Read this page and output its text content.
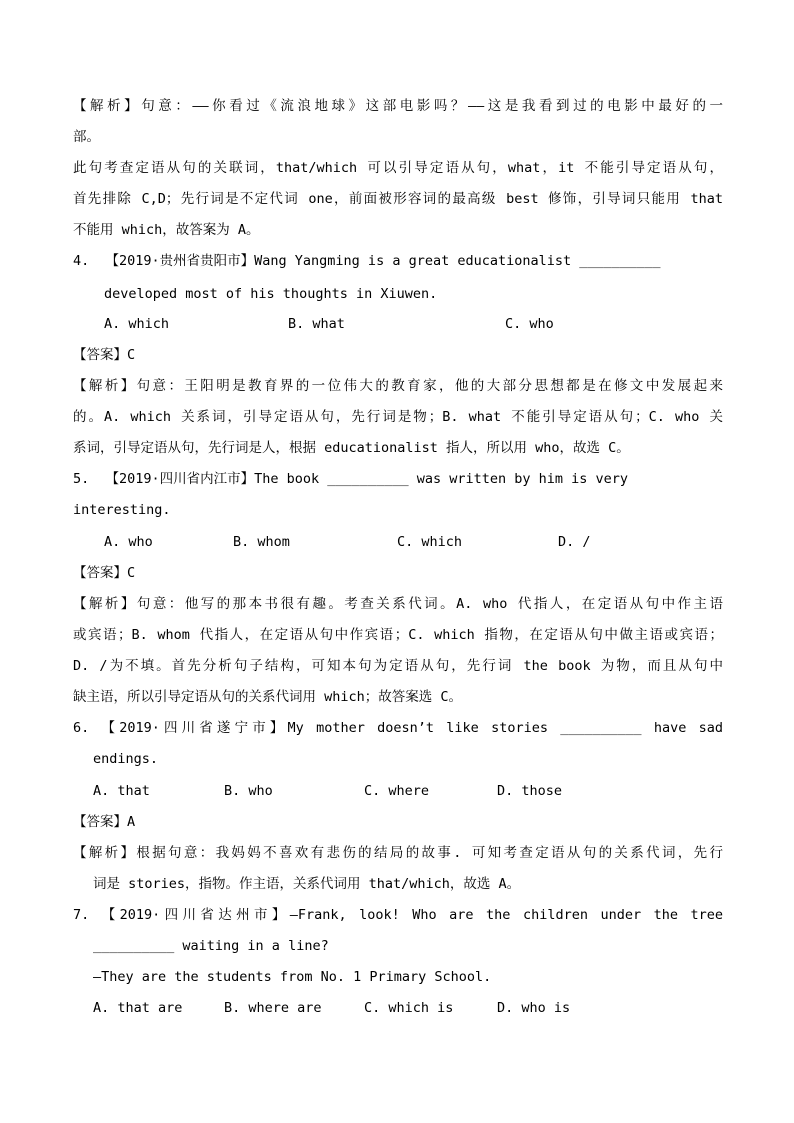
【解析】句意：——你看过《流浪地球》这部电影吗？——这是我看到过的电影中最好的一
部。
此句考查定语从句的关联词，that/which 可以引导定语从句，what，it 不能引导定语从句，
首先排除 C,D；先行词是不定代词 one，前面被形容词的最高级 best 修饰，引导词只能用 that
不能用 which，故答案为 A。
4.  【2019·贵州省贵阳市】Wang Yangming is a great educationalist __________
developed most of his thoughts in Xiuwen.
A. which	B. what	C. who
【答案】C
【解析】句意：王阳明是教育界的一位伟大的教育家，他的大部分思想都是在修文中发展起来
的。A. which 关系词，引导定语从句，先行词是物；B. what 不能引导定语从句；C. who 关
系词，引导定语从句，先行词是人，根据 educationalist 指人，所以用 who，故选 C。
5.  【2019·四川省内江市】The book __________ was written by him is very
interesting.
A. who	B. whom	C. which	D. /
【答案】C
【解析】句意：他写的那本书很有趣。考查关系代词。A. who 代指人，在定语从句中作主语
或宾语；B. whom 代指人，在定语从句中作宾语；C. which 指物，在定语从句中做主语或宾语；
D. /为不填。首先分析句子结构，可知本句为定语从句，先行词 the book 为物，而且从句中
缺主语，所以引导定语从句的关系代词用 which；故答案选 C。
6. 【2019·四川省遂宁市】My mother doesn’t like stories __________ have sad
endings.
A. that	B. who	C. where	D. those
【答案】A
【解析】根据句意：我妈妈不喜欢有悲伤的结局的故事. 可知考查定语从句的关系代词，先行
词是 stories，指物。作主语，关系代词用 that/which，故选 A。
7. 【2019·四川省达州市】—Frank, look! Who are the children under the tree
__________ waiting in a line?
—They are the students from No. 1 Primary School.
A. that are	B. where are	C. which is	D. who is
